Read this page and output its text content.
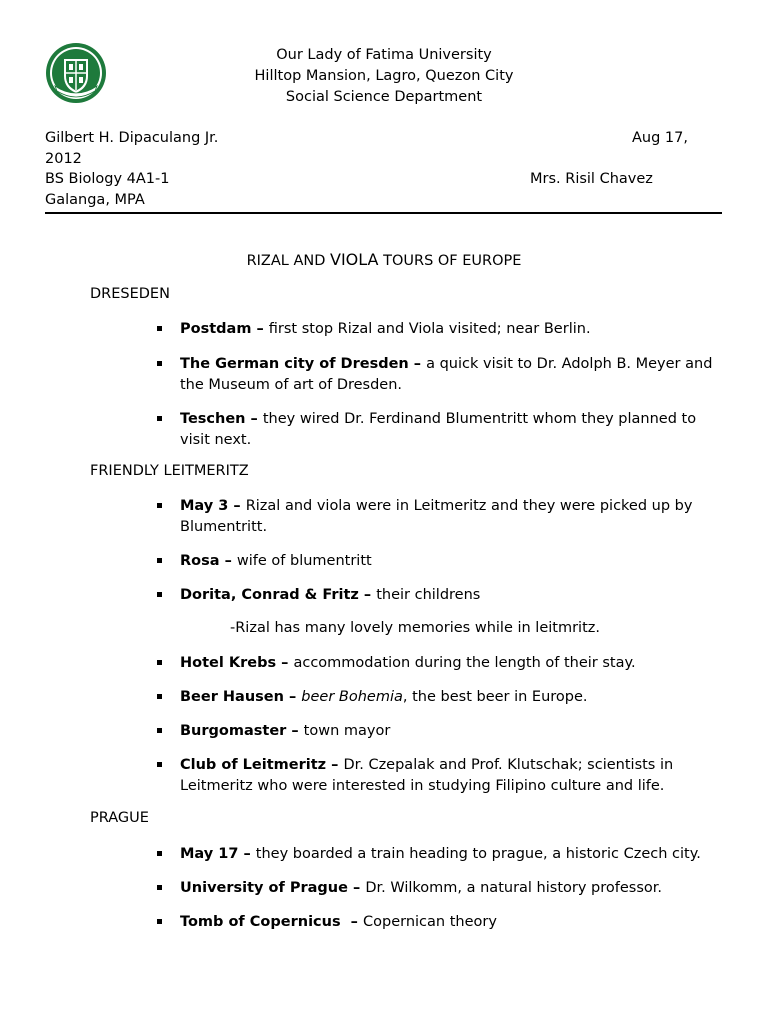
Our Lady of Fatima University
Hilltop Mansion, Lagro, Quezon City
Social Science Department
Gilbert H. Dipaculang Jr.	Aug 17,
2012
BS Biology 4A1-1	Mrs. Risil Chavez
Galanga, MPA
RIZAL AND VIOLA TOURS OF EUROPE
DRESEDEN
Postdam – first stop Rizal and Viola visited; near Berlin.
The German city of Dresden – a quick visit to Dr. Adolph B. Meyer and the Museum of art of Dresden.
Teschen – they wired Dr. Ferdinand Blumentritt whom they planned to visit next.
FRIENDLY LEITMERITZ
May 3 – Rizal and viola were in Leitmeritz and they were picked up by Blumentritt.
Rosa – wife of blumentritt
Dorita, Conrad & Fritz – their childrens
-Rizal has many lovely memories while in leitmritz.
Hotel Krebs – accommodation during the length of their stay.
Beer Hausen – beer Bohemia, the best beer in Europe.
Burgomaster – town mayor
Club of Leitmeritz – Dr. Czepalak and Prof. Klutschak; scientists in Leitmeritz who were interested in studying Filipino culture and life.
PRAGUE
May 17 – they boarded a train heading to prague, a historic Czech city.
University of Prague – Dr. Wilkomm, a natural history professor.
Tomb of Copernicus  – Copernican theory
